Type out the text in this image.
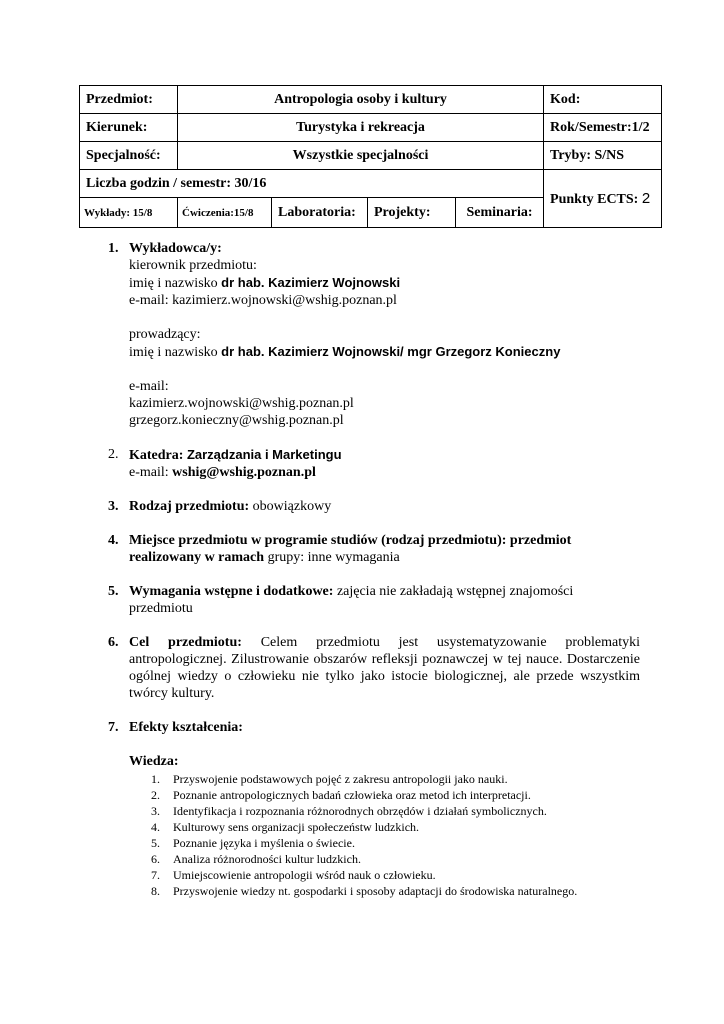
Przedmiot:	Antropologia osoby i kultury				Kod:
Kierunek:	Turystyka i rekreacja				Rok/Semestr:1/2
Specjalność:	Wszystkie specjalności				Tryby: S/NS
Liczba godzin / semestr: 30/16					Punkty ECTS: 2
Wykłady: 15/8	Ćwiczenia:15/8	Laboratoria:	Projekty:	Seminaria:	
1. Wykładowca/y:
kierownik przedmiotu:
imię i nazwisko dr hab. Kazimierz Wojnowski
e-mail: kazimierz.wojnowski@wshig.poznan.pl
prowadzący:
imię i nazwisko dr hab. Kazimierz Wojnowski/ mgr Grzegorz Konieczny
e-mail:
kazimierz.wojnowski@wshig.poznan.pl
grzegorz.konieczny@wshig.poznan.pl
2. Katedra: Zarządzania i Marketingu
e-mail: wshig@wshig.poznan.pl
3. Rodzaj przedmiotu: obowiązkowy
4. Miejsce przedmiotu w programie studiów (rodzaj przedmiotu): przedmiot realizowany w ramach grupy: inne wymagania
5. Wymagania wstępne i dodatkowe: zajęcia nie zakładają wstępnej znajomości przedmiotu
6. Cel przedmiotu: Celem przedmiotu jest usystematyzowanie problematyki antropologicznej. Zilustrowanie obszarów refleksji poznawczej w tej nauce. Dostarczenie ogólnej wiedzy o człowieku nie tylko jako istocie biologicznej, ale przede wszystkim twórcy kultury.
7. Efekty kształcenia:
Wiedza:
1. Przyswojenie podstawowych pojęć z zakresu antropologii jako nauki.
2. Poznanie antropologicznych badań człowieka oraz metod ich interpretacji.
3. Identyfikacja i rozpoznania różnorodnych obrzędów i działań symbolicznych.
4. Kulturowy sens organizacji społeczeństw ludzkich.
5. Poznanie języka i myślenia o świecie.
6. Analiza różnorodności kultur ludzkich.
7. Umiejscowienie antropologii wśród nauk o człowieku.
8. Przyswojenie wiedzy nt. gospodarki i sposoby adaptacji do środowiska naturalnego.
